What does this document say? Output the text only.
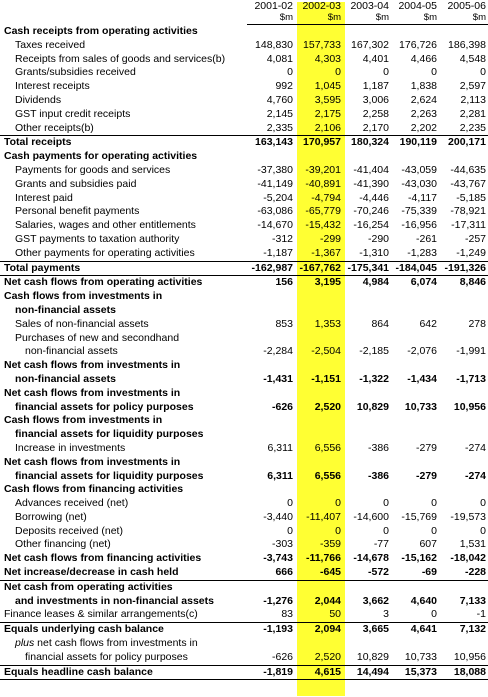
	2001-02	2002-03	2003-04	2004-05	2005-06
	$m	$m	$m	$m	$m
Cash receipts from operating activities					
Taxes received	148,830	157,733	167,302	176,726	186,398
Receipts from sales of goods and services(b)	4,081	4,303	4,401	4,466	4,548
Grants/subsidies received	0	0	0	0	0
Interest receipts	992	1,045	1,187	1,838	2,597
Dividends	4,760	3,595	3,006	2,624	2,113
GST input credit receipts	2,145	2,175	2,258	2,263	2,281
Other receipts(b)	2,335	2,106	2,170	2,202	2,235
Total receipts	163,143	170,957	180,324	190,119	200,171
Cash payments for operating activities					
Payments for goods and services	-37,380	-39,201	-41,404	-43,059	-44,635
Grants and subsidies paid	-41,149	-40,891	-41,390	-43,030	-43,767
Interest paid	-5,204	-4,794	-4,446	-4,117	-5,185
Personal benefit payments	-63,086	-65,779	-70,246	-75,339	-78,921
Salaries, wages and other entitlements	-14,670	-15,432	-16,254	-16,956	-17,311
GST payments to taxation authority	-312	-299	-290	-261	-257
Other payments for operating activities	-1,187	-1,367	-1,310	-1,283	-1,249
Total payments	-162,987	-167,762	-175,341	-184,045	-191,326
Net cash flows from operating activities	156	3,195	4,984	6,074	8,846
Cash flows from investments in					
non-financial assets					
Sales of non-financial assets	853	1,353	864	642	278
Purchases of new and secondhand					
non-financial assets	-2,284	-2,504	-2,185	-2,076	-1,991
Net cash flows from investments in					
non-financial assets	-1,431	-1,151	-1,322	-1,434	-1,713
Net cash flows from investments in					
financial assets for policy purposes	-626	2,520	10,829	10,733	10,956
Cash flows from investments in					
financial assets for liquidity purposes					
Increase in investments	6,311	6,556	-386	-279	-274
Net cash flows from investments in					
financial assets for liquidity purposes	6,311	6,556	-386	-279	-274
Cash flows from financing activities					
Advances received (net)	0	0	0	0	0
Borrowing (net)	-3,440	-11,407	-14,600	-15,769	-19,573
Deposits received (net)	0	0	0	0	0
Other financing (net)	-303	-359	-77	607	1,531
Net cash flows from financing activities	-3,743	-11,766	-14,678	-15,162	-18,042
Net increase/decrease in cash held	666	-645	-572	-69	-228
Net cash from operating activities					
and investments in non-financial assets	-1,276	2,044	3,662	4,640	7,133
Finance leases & similar arrangements(c)	83	50	3	0	-1
Equals underlying cash balance	-1,193	2,094	3,665	4,641	7,132
plus net cash flows from investments in					
financial assets for policy purposes	-626	2,520	10,829	10,733	10,956
Equals headline cash balance	-1,819	4,615	14,494	15,373	18,088
